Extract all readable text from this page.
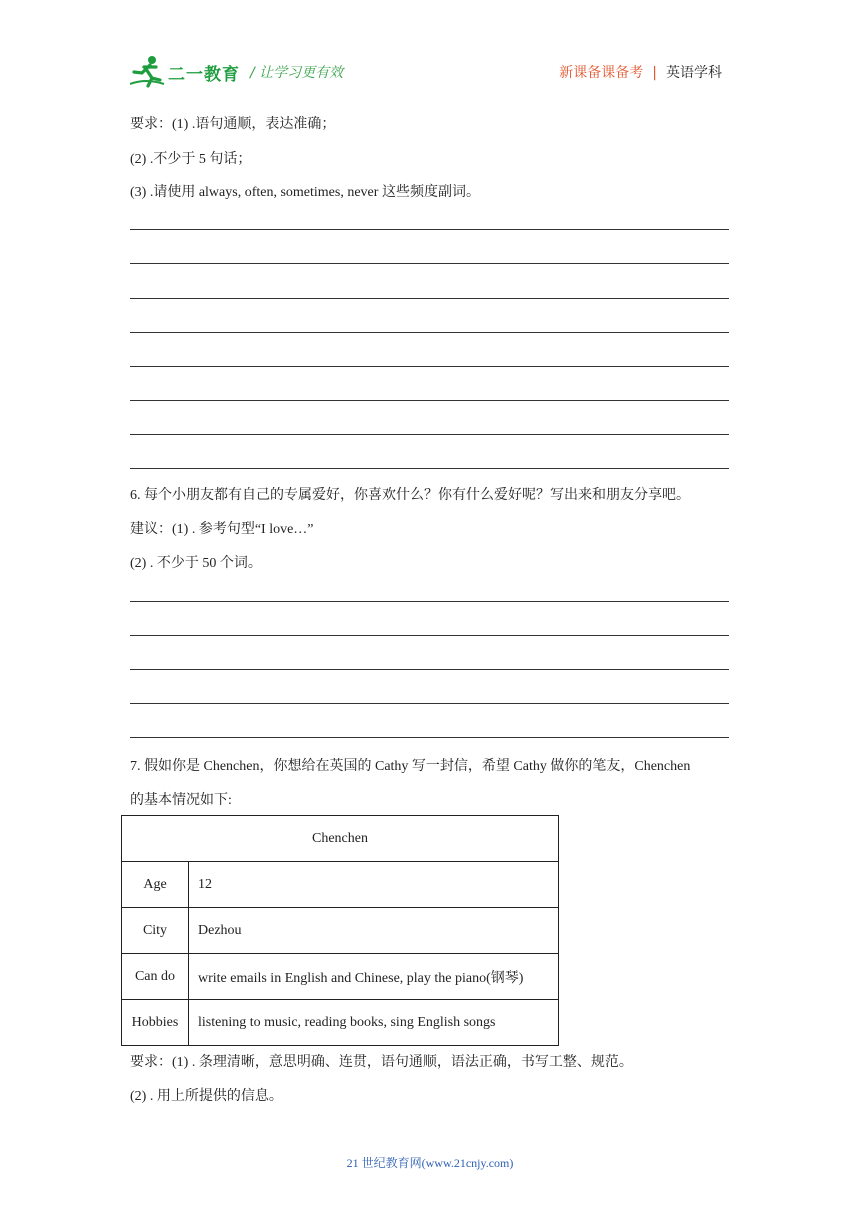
二一教育 / 让学习更有效	新课备课备考 | 英语学科
要求：(1) .语句通顺，表达准确；
(2) .不少于 5 句话；
(3) .请使用 always, often, sometimes, never 这些频度副词。
6. 每个小朋友都有自己的专属爱好，你喜欢什么？你有什么爱好呢？写出来和朋友分享吧。
建议：(1) . 参考句型“I love…”
(2) . 不少于 50 个词。
7. 假如你是 Chenchen，你想给在英国的 Cathy 写一封信，希望 Cathy 做你的笔友，Chenchen
的基本情况如下:
Chenchen	
Age	12
City	Dezhou
Can do	write emails in English and Chinese, play the piano(钢琴)
Hobbies	listening to music, reading books, sing English songs
要求：(1) . 条理清晰，意思明确、连贯，语句通顺，语法正确，书写工整、规范。
(2) . 用上所提供的信息。
21 世纪教育网(www.21cnjy.com)
